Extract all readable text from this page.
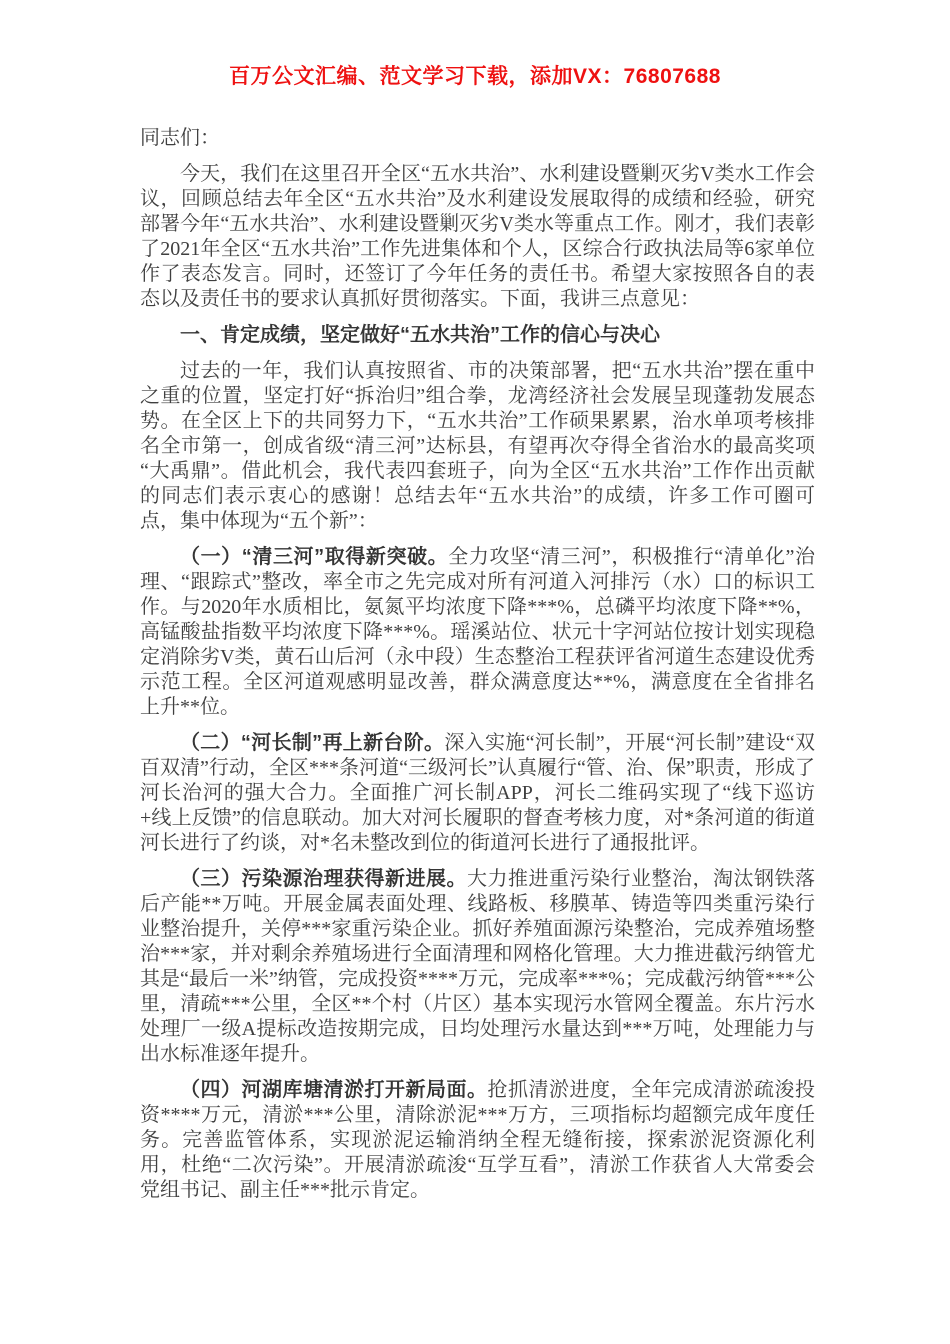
百万公文汇编、范文学习下载，添加VX：76807688

同志们：

今天，我们在这里召开全区“五水共治”、水利建设暨剿灭劣V类水工作会议，回顾总结去年全区“五水共治”及水利建设发展取得的成绩和经验，研究部署今年“五水共治”、水利建设暨剿灭劣V类水等重点工作。刚才，我们表彰了2021年全区“五水共治”工作先进集体和个人，区综合行政执法局等6家单位作了表态发言。同时，还签订了今年任务的责任书。希望大家按照各自的表态以及责任书的要求认真抓好贯彻落实。下面，我讲三点意见：

一、肯定成绩，坚定做好“五水共治”工作的信心与决心

过去的一年，我们认真按照省、市的决策部署，把“五水共治”摆在重中之重的位置，坚定打好“拆治归”组合拳，龙湾经济社会发展呈现蓬勃发展态势。在全区上下的共同努力下，“五水共治”工作硕果累累，治水单项考核排名全市第一，创成省级“清三河”达标县，有望再次夺得全省治水的最高奖项“大禹鼎”。借此机会，我代表四套班子，向为全区“五水共治”工作作出贡献的同志们表示衷心的感谢！总结去年“五水共治”的成绩，许多工作可圈可点，集中体现为“五个新”：

（一）“清三河”取得新突破。全力攻坚“清三河”，积极推行“清单化”治理、“跟踪式”整改，率全市之先完成对所有河道入河排污（水）口的标识工作。与2020年水质相比，氨氮平均浓度下降***%，总磷平均浓度下降**%，高锰酸盐指数平均浓度下降***%。瑶溪站位、状元十字河站位按计划实现稳定消除劣V类，黄石山后河（永中段）生态整治工程获评省河道生态建设优秀示范工程。全区河道观感明显改善，群众满意度达**%，满意度在全省排名上升**位。

（二）“河长制”再上新台阶。深入实施“河长制”，开展“河长制”建设“双百双清”行动，全区***条河道“三级河长”认真履行“管、治、保”职责，形成了河长治河的强大合力。全面推广河长制APP，河长二维码实现了“线下巡访+线上反馈”的信息联动。加大对河长履职的督查考核力度，对*条河道的街道河长进行了约谈，对*名未整改到位的街道河长进行了通报批评。

（三）污染源治理获得新进展。大力推进重污染行业整治，淘汰钢铁落后产能**万吨。开展金属表面处理、线路板、移膜革、铸造等四类重污染行业整治提升，关停***家重污染企业。抓好养殖面源污染整治，完成养殖场整治***家，并对剩余养殖场进行全面清理和网格化管理。大力推进截污纳管尤其是“最后一米”纳管，完成投资****万元，完成率***%；完成截污纳管***公里，清疏***公里，全区**个村（片区）基本实现污水管网全覆盖。东片污水处理厂一级A提标改造按期完成，日均处理污水量达到***万吨，处理能力与出水标准逐年提升。

（四）河湖库塘清淤打开新局面。抢抓清淤进度，全年完成清淤疏浚投资****万元，清淤***公里，清除淤泥***万方，三项指标均超额完成年度任务。完善监管体系，实现淤泥运输消纳全程无缝衔接，探索淤泥资源化利用，杜绝“二次污染”。开展清淤疏浚“互学互看”，清淤工作获省人大常委会党组书记、副主任***批示肯定。
